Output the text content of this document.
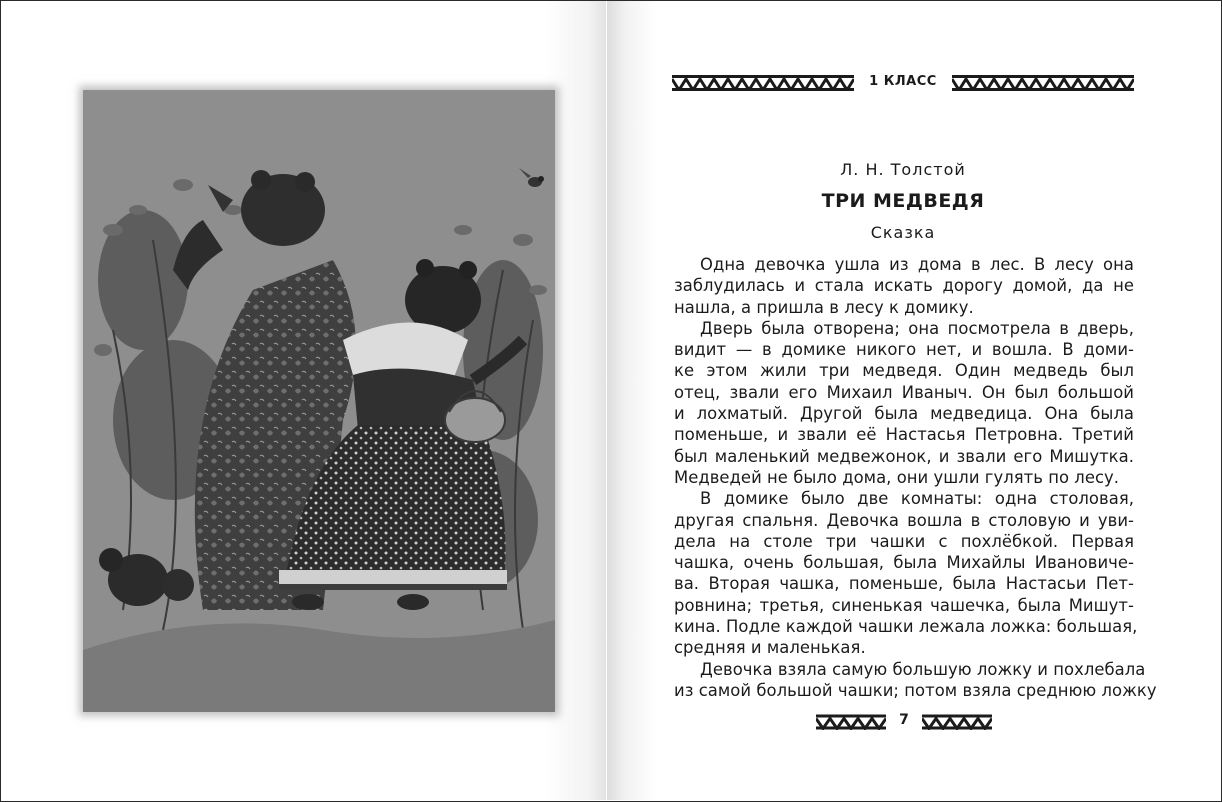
1 КЛАСС
Л. Н. Толстой
ТРИ МЕДВЕДЯ
Сказка
Одна девочка ушла из дома в лес. В лесу она
заблудилась и стала искать дорогу домой, да не
нашла, а пришла в лесу к домику.
Дверь была отворена; она посмотрела в дверь,
видит — в домике никого нет, и вошла. В доми-
ке этом жили три медведя. Один медведь был
отец, звали его Михаил Иваныч. Он был большой
и лохматый. Другой была медведица. Она была
поменьше, и звали её Настасья Петровна. Третий
был маленький медвежонок, и звали его Мишутка.
Медведей не было дома, они ушли гулять по лесу.
В домике было две комнаты: одна столовая,
другая спальня. Девочка вошла в столовую и уви-
дела на столе три чашки с похлёбкой. Первая
чашка, очень большая, была Михайлы Ивановиче-
ва. Вторая чашка, поменьше, была Настасьи Пет-
ровнина; третья, синенькая чашечка, была Мишут-
кина. Подле каждой чашки лежала ложка: большая,
средняя и маленькая.
Девочка взяла самую большую ложку и похлебала
из самой большой чашки; потом взяла среднюю ложку
7
